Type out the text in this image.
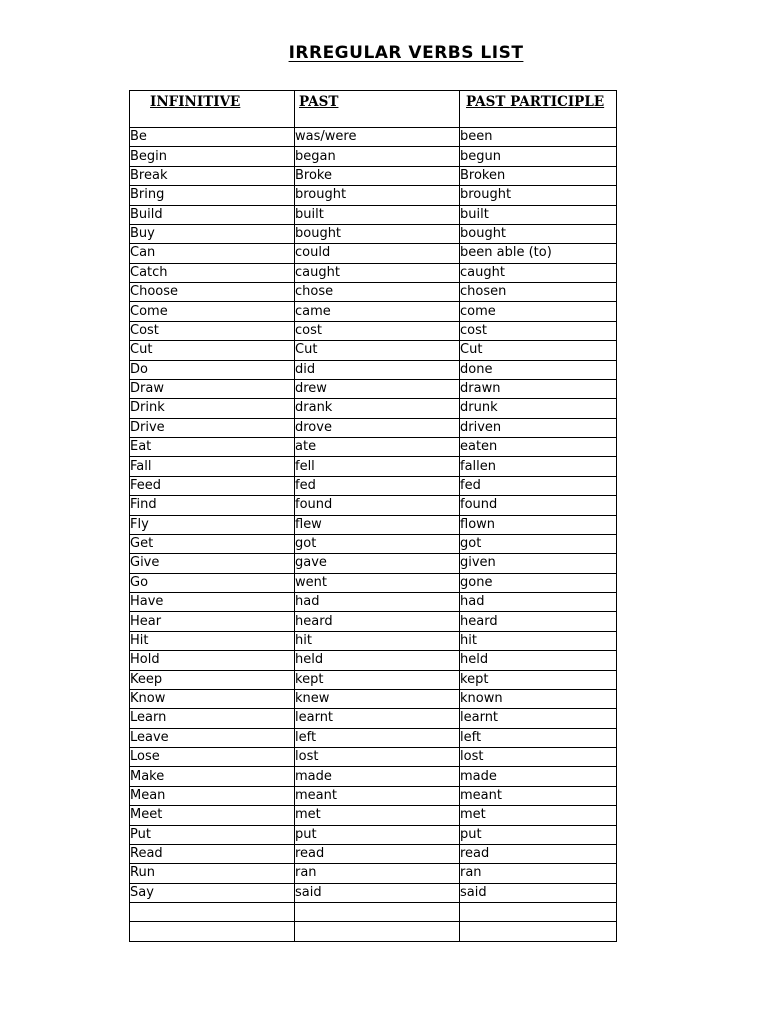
IRREGULAR VERBS LIST
INFINITIVE	PAST	PAST PARTICIPLE
Be	was/were	been
Begin	began	begun
Break	Broke	Broken
Bring	brought	brought
Build	built	built
Buy	bought	bought
Can	could	been able (to)
Catch	caught	caught
Choose	chose	chosen
Come	came	come
Cost	cost	cost
Cut	Cut	Cut
Do	did	done
Draw	drew	drawn
Drink	drank	drunk
Drive	drove	driven
Eat	ate	eaten
Fall	fell	fallen
Feed	fed	fed
Find	found	found
Fly	flew	flown
Get	got	got
Give	gave	given
Go	went	gone
Have	had	had
Hear	heard	heard
Hit	hit	hit
Hold	held	held
Keep	kept	kept
Know	knew	known
Learn	learnt	learnt
Leave	left	left
Lose	lost	lost
Make	made	made
Mean	meant	meant
Meet	met	met
Put	put	put
Read	read	read
Run	ran	ran
Say	said	said
